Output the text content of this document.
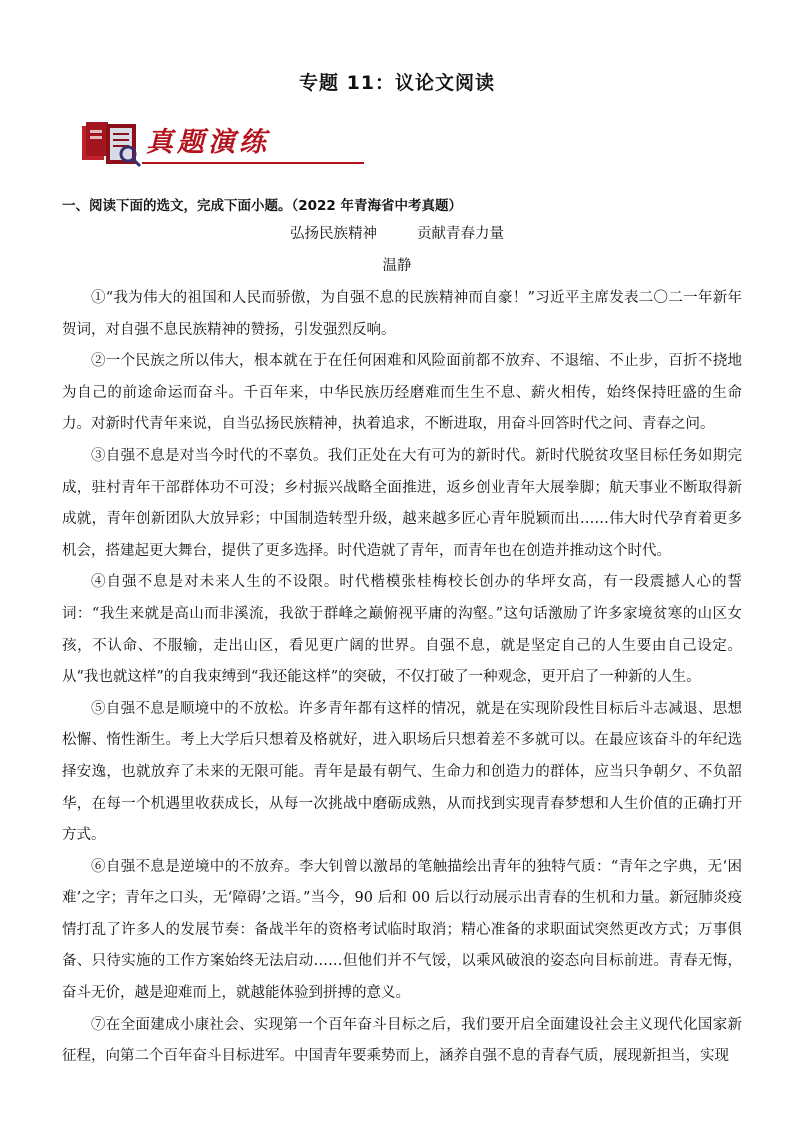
专题 11：议论文阅读
真题演练
一、阅读下面的选文，完成下面小题。（2022 年青海省中考真题）
弘扬民族精神	贡献青春力量
温静

①“我为伟大的祖国和人民而骄傲，为自强不息的民族精神而自豪！”习近平主席发表二〇二一年新年贺词，对自强不息民族精神的赞扬，引发强烈反响。

②一个民族之所以伟大，根本就在于在任何困难和风险面前都不放弃、不退缩、不止步，百折不挠地为自己的前途命运而奋斗。千百年来，中华民族历经磨难而生生不息、薪火相传，始终保持旺盛的生命力。对新时代青年来说，自当弘扬民族精神，执着追求，不断进取，用奋斗回答时代之问、青春之问。

③自强不息是对当今时代的不辜负。我们正处在大有可为的新时代。新时代脱贫攻坚目标任务如期完成，驻村青年干部群体功不可没；乡村振兴战略全面推进，返乡创业青年大展拳脚；航天事业不断取得新成就，青年创新团队大放异彩；中国制造转型升级，越来越多匠心青年脱颖而出……伟大时代孕育着更多机会，搭建起更大舞台，提供了更多选择。时代造就了青年，而青年也在创造并推动这个时代。

④自强不息是对未来人生的不设限。时代楷模张桂梅校长创办的华坪女高，有一段震撼人心的誓词：“我生来就是高山而非溪流，我欲于群峰之巅俯视平庸的沟壑。”这句话激励了许多家境贫寒的山区女孩，不认命、不服输，走出山区，看见更广阔的世界。自强不息，就是坚定自己的人生要由自己设定。从“我也就这样”的自我束缚到“我还能这样”的突破，不仅打破了一种观念，更开启了一种新的人生。

⑤自强不息是顺境中的不放松。许多青年都有这样的情况，就是在实现阶段性目标后斗志减退、思想松懈、惰性渐生。考上大学后只想着及格就好，进入职场后只想着差不多就可以。在最应该奋斗的年纪选择安逸，也就放弃了未来的无限可能。青年是最有朝气、生命力和创造力的群体，应当只争朝夕、不负韶华，在每一个机遇里收获成长，从每一次挑战中磨砺成熟，从而找到实现青春梦想和人生价值的正确打开方式。

⑥自强不息是逆境中的不放弃。李大钊曾以激昂的笔触描绘出青年的独特气质：“青年之字典，无‘困难’之字；青年之口头，无‘障碍’之语。”当今，90 后和 00 后以行动展示出青春的生机和力量。新冠肺炎疫情打乱了许多人的发展节奏：备战半年的资格考试临时取消；精心准备的求职面试突然更改方式；万事俱备、只待实施的工作方案始终无法启动……但他们并不气馁，以乘风破浪的姿态向目标前进。青春无悔，奋斗无价，越是迎难而上，就越能体验到拼搏的意义。

⑦在全面建成小康社会、实现第一个百年奋斗目标之后，我们要开启全面建设社会主义现代化国家新征程，向第二个百年奋斗目标进军。中国青年要乘势而上，涵养自强不息的青春气质，展现新担当，实现
